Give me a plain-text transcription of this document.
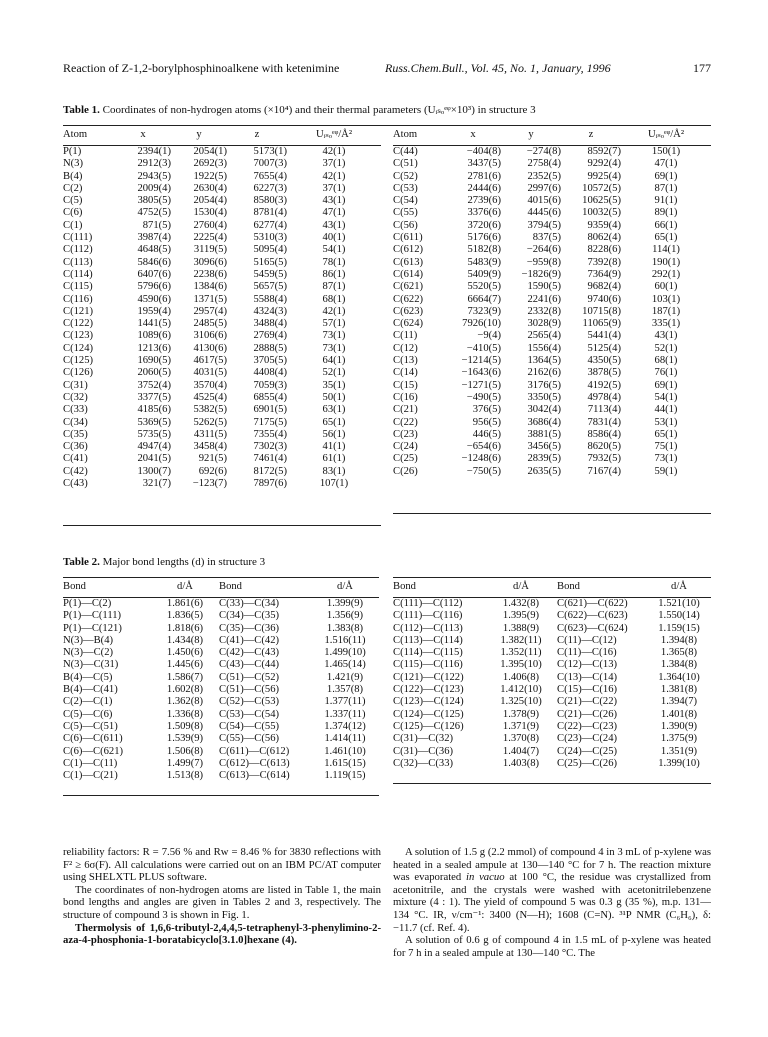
Reaction of Z-1,2-borylphosphinoalkene with ketenimine	Russ.Chem.Bull., Vol. 45, No. 1, January, 1996	177
Table 1. Coordinates of non-hydrogen atoms (×10⁴) and their thermal parameters (Uᵢₛₒᵉᵠ×10³) in structure 3
Atom	x	y	z	Uᵢₛₒᵉᵠ/Å²

P(1)	2394(1)	2054(1)	5173(1)	42(1)
N(3)	2912(3)	2692(3)	7007(3)	37(1)
B(4)	2943(5)	1922(5)	7655(4)	42(1)
C(2)	2009(4)	2630(4)	6227(3)	37(1)
C(5)	3805(5)	2054(4)	8580(3)	43(1)
C(6)	4752(5)	1530(4)	8781(4)	47(1)
C(1)	871(5)	2760(4)	6277(4)	43(1)
C(111)	3987(4)	2225(4)	5310(3)	40(1)
C(112)	4648(5)	3119(5)	5095(4)	54(1)
C(113)	5846(6)	3096(6)	5165(5)	78(1)
C(114)	6407(6)	2238(6)	5459(5)	86(1)
C(115)	5796(6)	1384(6)	5657(5)	87(1)
C(116)	4590(6)	1371(5)	5588(4)	68(1)
C(121)	1959(4)	2957(4)	4324(3)	42(1)
C(122)	1441(5)	2485(5)	3488(4)	57(1)
C(123)	1089(6)	3106(6)	2769(4)	73(1)
C(124)	1213(6)	4130(6)	2888(5)	73(1)
C(125)	1690(5)	4617(5)	3705(5)	64(1)
C(126)	2060(5)	4031(5)	4408(4)	52(1)
C(31)	3752(4)	3570(4)	7059(3)	35(1)
C(32)	3377(5)	4525(4)	6855(4)	50(1)
C(33)	4185(6)	5382(5)	6901(5)	63(1)
C(34)	5369(5)	5262(5)	7175(5)	65(1)
C(35)	5735(5)	4311(5)	7355(4)	56(1)
C(36)	4947(4)	3458(4)	7302(3)	41(1)
C(41)	2041(5)	921(5)	7461(4)	61(1)
C(42)	1300(7)	692(6)	8172(5)	83(1)
C(43)	321(7)	−123(7)	7897(6)	107(1)
Atom	x	y	z	Uᵢₛₒᵉᵠ/Å²

C(44)	−404(8)	−274(8)	8592(7)	150(1)
C(51)	3437(5)	2758(4)	9292(4)	47(1)
C(52)	2781(6)	2352(5)	9925(4)	69(1)
C(53)	2444(6)	2997(6)	10572(5)	87(1)
C(54)	2739(6)	4015(6)	10625(5)	91(1)
C(55)	3376(6)	4445(6)	10032(5)	89(1)
C(56)	3720(6)	3794(5)	9359(4)	66(1)
C(611)	5176(6)	837(5)	8062(4)	65(1)
C(612)	5182(8)	−264(6)	8228(6)	114(1)
C(613)	5483(9)	−959(8)	7392(8)	190(1)
C(614)	5409(9)	−1826(9)	7364(9)	292(1)
C(621)	5520(5)	1590(5)	9682(4)	60(1)
C(622)	6664(7)	2241(6)	9740(6)	103(1)
C(623)	7323(9)	2332(8)	10715(8)	187(1)
C(624)	7926(10)	3028(9)	11065(9)	335(1)
C(11)	−9(4)	2565(4)	5441(4)	43(1)
C(12)	−410(5)	1556(4)	5125(4)	52(1)
C(13)	−1214(5)	1364(5)	4350(5)	68(1)
C(14)	−1643(6)	2162(6)	3878(5)	76(1)
C(15)	−1271(5)	3176(5)	4192(5)	69(1)
C(16)	−490(5)	3350(5)	4978(4)	54(1)
C(21)	376(5)	3042(4)	7113(4)	44(1)
C(22)	956(5)	3686(4)	7831(4)	53(1)
C(23)	446(5)	3881(5)	8586(4)	65(1)
C(24)	−654(6)	3456(5)	8620(5)	75(1)
C(25)	−1248(6)	2839(5)	7932(5)	73(1)
C(26)	−750(5)	2635(5)	7167(4)	59(1)
Table 2. Major bond lengths (d) in structure 3
Bond	d/Å	Bond	d/Å

P(1)—C(2)	1.861(6)	C(33)—C(34)	1.399(9)
P(1)—C(111)	1.836(5)	C(34)—C(35)	1.356(9)
P(1)—C(121)	1.818(6)	C(35)—C(36)	1.383(8)
N(3)—B(4)	1.434(8)	C(41)—C(42)	1.516(11)
N(3)—C(2)	1.450(6)	C(42)—C(43)	1.499(10)
N(3)—C(31)	1.445(6)	C(43)—C(44)	1.465(14)
B(4)—C(5)	1.586(7)	C(51)—C(52)	1.421(9)
B(4)—C(41)	1.602(8)	C(51)—C(56)	1.357(8)
C(2)—C(1)	1.362(8)	C(52)—C(53)	1.377(11)
C(5)—C(6)	1.336(8)	C(53)—C(54)	1.337(11)
C(5)—C(51)	1.509(8)	C(54)—C(55)	1.374(12)
C(6)—C(611)	1.539(9)	C(55)—C(56)	1.414(11)
C(6)—C(621)	1.506(8)	C(611)—C(612)	1.461(10)
C(1)—C(11)	1.499(7)	C(612)—C(613)	1.615(15)
C(1)—C(21)	1.513(8)	C(613)—C(614)	1.119(15)
Bond	d/Å	Bond	d/Å

C(111)—C(112)	1.432(8)	C(621)—C(622)	1.521(10)
C(111)—C(116)	1.395(9)	C(622)—C(623)	1.550(14)
C(112)—C(113)	1.388(9)	C(623)—C(624)	1.159(15)
C(113)—C(114)	1.382(11)	C(11)—C(12)	1.394(8)
C(114)—C(115)	1.352(11)	C(11)—C(16)	1.365(8)
C(115)—C(116)	1.395(10)	C(12)—C(13)	1.384(8)
C(121)—C(122)	1.406(8)	C(13)—C(14)	1.364(10)
C(122)—C(123)	1.412(10)	C(15)—C(16)	1.381(8)
C(123)—C(124)	1.325(10)	C(21)—C(22)	1.394(7)
C(124)—C(125)	1.378(9)	C(21)—C(26)	1.401(8)
C(125)—C(126)	1.371(9)	C(22)—C(23)	1.390(9)
C(31)—C(32)	1.370(8)	C(23)—C(24)	1.375(9)
C(31)—C(36)	1.404(7)	C(24)—C(25)	1.351(9)
C(32)—C(33)	1.403(8)	C(25)—C(26)	1.399(10)

reliability factors: R = 7.56 % and Rw = 8.46 % for 3830 reflections with F² ≥ 6σ(F). All calculations were carried out on an IBM PC/AT computer using SHELXTL PLUS software.

The coordinates of non-hydrogen atoms are listed in Table 1, the main bond lengths and angles are given in Tables 2 and 3, respectively. The structure of compound 3 is shown in Fig. 1.

Thermolysis of 1,6,6-tributyl-2,4,4,5-tetraphenyl-3-phenylimino-2-aza-4-phosphonia-1-boratabicyclo[3.1.0]hexane (4).

A solution of 1.5 g (2.2 mmol) of compound 4 in 3 mL of p-xylene was heated in a sealed ampule at 130—140 °C for 7 h. The reaction mixture was evaporated in vacuo at 100 °C, the residue was crystallized from acetonitrile, and the crystals were washed with acetonitrilebenzene mixture (4 : 1). The yield of compound 5 was 0.3 g (35 %), m.p. 131—134 °C. IR, ν/cm⁻¹: 3400 (N—H); 1608 (C=N). ³¹P NMR (C₆H₆), δ: −11.7 (cf. Ref. 4).

A solution of 0.6 g of compound 4 in 1.5 mL of p-xylene was heated for 7 h in a sealed ampule at 130—140 °C. The
